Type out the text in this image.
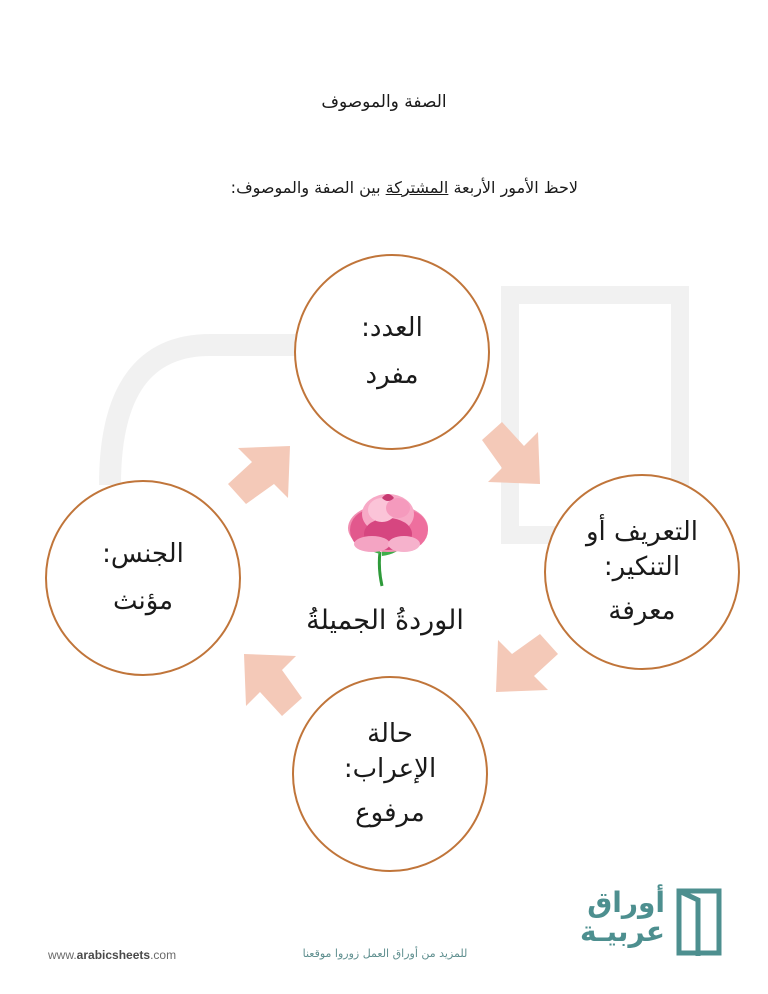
الصفة والموصوف
لاحظ الأمور الأربعة المشتركة بين الصفة والموصوف:
العدد:
مفرد
التعريف أو التنكير:
معرفة
الجنس:
مؤنث
حالة الإعراب:
مرفوع
الوردةُ الجميلةُ
www.arabicsheets.com	للمزيد من أوراق العمل زوروا موقعنا
أوراق
عربيـة
